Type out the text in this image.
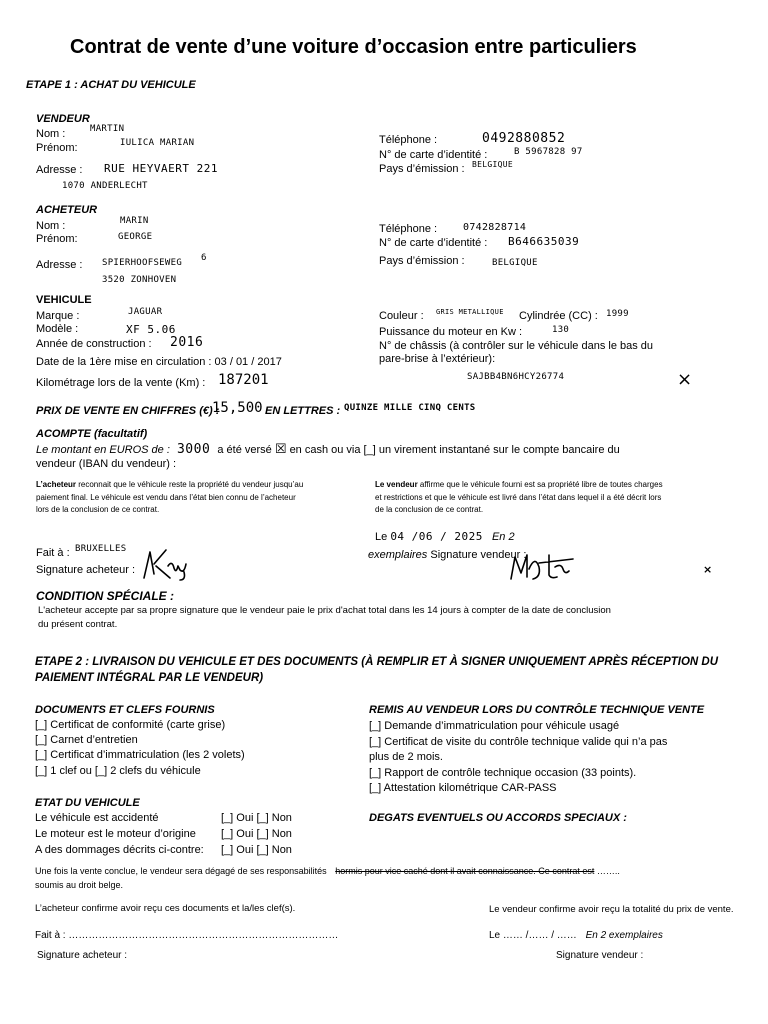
Contrat de vente d’une voiture d’occasion entre particuliers
ETAPE 1 : ACHAT DU VEHICULE
VENDEUR
Nom :	MARTIN
Prénom:	IULICA MARIAN
Adresse : RUE HEYVAERT 221
1070 ANDERLECHT
Téléphone :	0492880852
N° de carte d’identité :	B 5967828 97
Pays d’émission : BELGIQUE
ACHETEUR
Nom :	MARIN
Prénom:	GEORGE
Adresse : SPIERHOOFSEWEG 6
3520 ZONHOVEN
Téléphone :	0742828714
N° de carte d’identité : B646635039
Pays d’émission :	BELGIQUE
VEHICULE
Marque :	JAGUAR
Modèle :	XF 5.06
Année de construction : 2016
Date de la 1ère mise en circulation : 03 / 01 / 2017
Kilométrage lors de la vente (Km) : 187201
Couleur : GRIS METALLIQUE Cylindrée (CC) : 1999
Puissance du moteur en Kw :	130
N° de châssis (à contrôler sur le véhicule dans le bas du
pare-brise à l’extérieur):
SAJBB4BN6HCY26774	×
PRIX DE VENTE EN CHIFFRES (€) :
15,500 EN LETTRES : QUINZE MILLE CINQ CENTS
ACOMPTE (facultatif)
Le montant en EUROS de : 3000 a été versé ☒ en cash ou via [_] un virement instantané sur le compte bancaire du
vendeur (IBAN du vendeur) :
L’acheteur reconnait que le véhicule reste la propriété du vendeur jusqu’au paiement final. Le véhicule est vendu dans l’état bien connu de l’acheteur lors de la conclusion de ce contrat.
Le vendeur affirme que le véhicule fourni est sa propriété libre de toutes charges et restrictions et que le véhicule est livré dans l’état dans lequel il a été décrit lors de la conclusion de ce contrat.
Fait à : BRUXELLES
Signature acheteur :
Le 04 /06 / 2025 En 2
exemplaires Signature vendeur :
×
CONDITION SPÉCIALE :
L'acheteur accepte par sa propre signature que le vendeur paie le prix d'achat total dans les 14 jours à compter de la date de conclusion
du présent contrat.
ETAPE 2 : LIVRAISON DU VEHICULE ET DES DOCUMENTS (À REMPLIR ET À SIGNER UNIQUEMENT APRÈS RÉCEPTION DU
PAIEMENT INTÉGRAL PAR LE VENDEUR)
DOCUMENTS ET CLEFS FOURNIS
[_] Certificat de conformité (carte grise)
[_] Carnet d’entretien
[_] Certificat d’immatriculation (les 2 volets)
[_] 1 clef ou [_] 2 clefs du véhicule
REMIS AU VENDEUR LORS DU CONTRÔLE TECHNIQUE VENTE
[_] Demande d’immatriculation pour véhicule usagé
[_] Certificat de visite du contrôle technique valide qui n’a pas
plus de 2 mois.
[_] Rapport de contrôle technique occasion (33 points).
[_] Attestation kilométrique CAR-PASS
ETAT DU VEHICULE
Le véhicule est accidenté	[_] Oui [_] Non
Le moteur est le moteur d’origine [_] Oui [_] Non
A des dommages décrits ci-contre: [_] Oui [_] Non
DEGATS EVENTUELS OU ACCORDS SPECIAUX :
Une fois la vente conclue, le vendeur sera dégagé de ses responsabilités hormis pour vice caché dont il avait connaissance. Ce contrat est ……..
soumis au droit belge.
L’acheteur confirme avoir reçu ces documents et la/les clef(s).	Le vendeur confirme avoir reçu la totalité du prix de vente.
Fait à : ………………………………………………………………………	Le …… /…… / …… En 2 exemplaires
Signature acheteur :	Signature vendeur :
